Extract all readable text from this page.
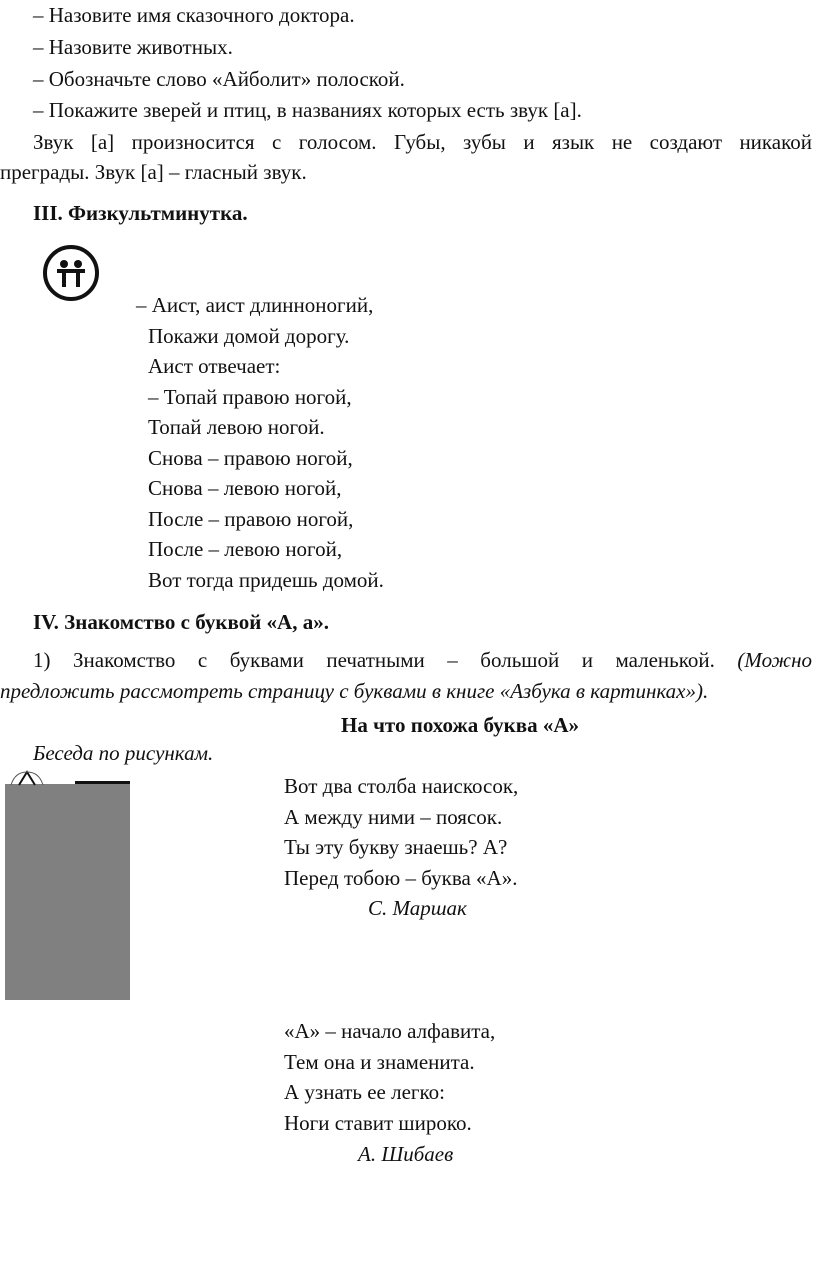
– Назовите имя сказочного доктора.
– Назовите животных.
– Обозначьте слово «Айболит» полоской.
– Покажите зверей и птиц, в названиях которых есть звук [а].
Звук [а] произносится с голосом. Губы, зубы и язык не создают никакой
преграды. Звук [а] – гласный звук.
III. Физкультминутка.
– Аист, аист длинноногий,
Покажи домой дорогу.
Аист отвечает:
– Топай правою ногой,
Топай левою ногой.
Снова – правою ногой,
Снова – левою ногой,
После – правою ногой,
После – левою ногой,
Вот тогда придешь домой.
IV. Знакомство с буквой «А, а».
1) Знакомство с буквами печатными – большой и маленькой. (Можно
предложить рассмотреть страницу с буквами в книге «Азбука в картинках»).
На что похожа буква «А»
Беседа по рисункам.
Вот два столба наискосок,
А между ними – поясок.
Ты эту букву знаешь? А?
Перед тобою – буква «А».
С. Маршак
«А» – начало алфавита,
Тем она и знаменита.
А узнать ее легко:
Ноги ставит широко.
А. Шибаев
